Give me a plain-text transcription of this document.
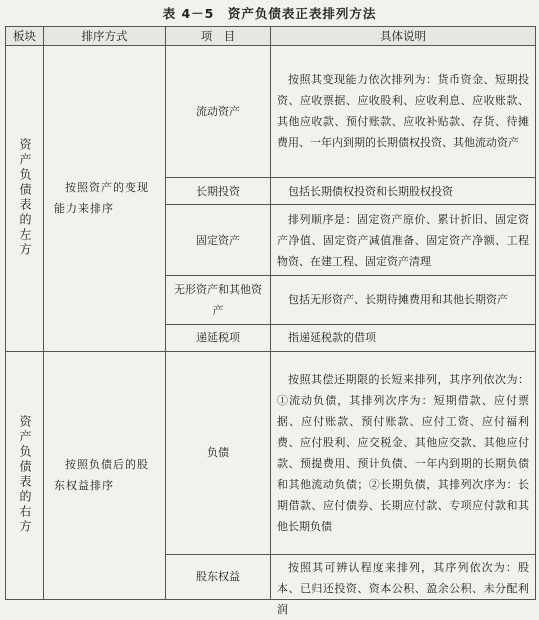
表 4－5　资产负债表正表排列方法
板块	排序方式	项　目	具体说明

资产负债表的左方	按照资产的变现能力来排序	流动资产	按照其变现能力依次排列为：货币资金、短期投资、应收票据、应收股利、应收利息、应收账款、其他应收款、预付账款、应收补贴款、存货、待摊费用、一年内到期的长期债权投资、其他流动资产

		长期投资	包括长期债权投资和长期股权投资

		固定资产	排列顺序是：固定资产原价、累计折旧、固定资产净值、固定资产减值准备、固定资产净额、工程物资、在建工程、固定资产清理

		无形资产和其他资产	包括无形资产、长期待摊费用和其他长期资产

		递延税项	指递延税款的借项

资产负债表的右方	按照负债后的股东权益排序	负债	按照其偿还期限的长短来排列，其序列依次为：①流动负债，其排列次序为：短期借款、应付票据、应付账款、预付账款、应付工资、应付福利费、应付股利、应交税金、其他应交款、其他应付款、预提费用、预计负债、一年内到期的长期负债和其他流动负债；②长期负债，其排列次序为：长期借款、应付债券、长期应付款、专项应付款和其他长期负债

		股东权益	按照其可辨认程度来排列，其序列依次为：股本、已归还投资、资本公积、盈余公积、未分配利润
